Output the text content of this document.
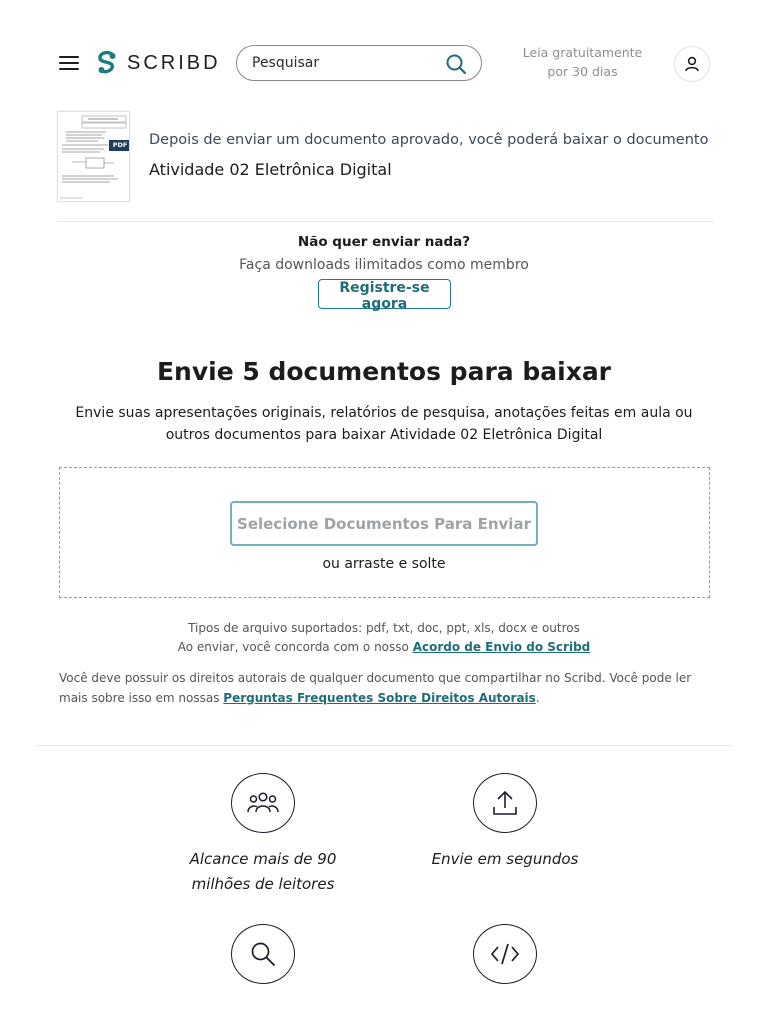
SCRIBD
Pesquisar	Leia gratuitamente
por 30 dias
PDF Depois de enviar um documento aprovado, você poderá baixar o documento
Atividade 02 Eletrônica Digital
Não quer enviar nada?
Faça downloads ilimitados como membro
Registre-se agora
Envie 5 documentos para baixar
Envie suas apresentações originais, relatórios de pesquisa, anotações feitas em aula ou outros documentos para baixar Atividade 02 Eletrônica Digital
Selecione Documentos Para Enviar
ou arraste e solte
Tipos de arquivo suportados: pdf, txt, doc, ppt, xls, docx e outros
Ao enviar, você concorda com o nosso Acordo de Envio do Scribd
Você deve possuir os direitos autorais de qualquer documento que compartilhar no Scribd. Você pode ler mais sobre isso em nossas Perguntas Frequentes Sobre Direitos Autorais.
Alcance mais de 90
milhões de leitores
Envie em segundos
